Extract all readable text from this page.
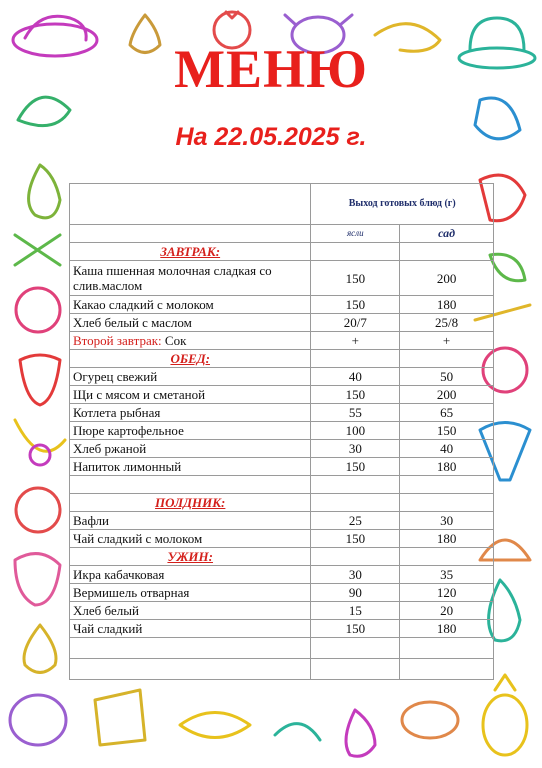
МЕНЮ
На 22.05.2025 г.

	Выход готовых блюд (г)	

	ясли	сад
ЗАВТРАК:		
Каша пшенная молочная сладкая со слив.маслом	150	200
Какао сладкий с молоком	150	180
Хлеб белый с маслом	20/7	25/8
Второй завтрак: Сок	+	+
ОБЕД:		
Огурец свежий	40	50
Щи с мясом и сметаной	150	200
Котлета рыбная	55	65
Пюре картофельное	100	150
Хлеб ржаной	30	40
Напиток лимонный	150	180

ПОЛДНИК:		
Вафли	25	30
Чай сладкий с молоком	150	180
УЖИН:		
Икра кабачковая	30	35
Вермишель отварная	90	120
Хлеб белый	15	20
Чай сладкий	150	180
